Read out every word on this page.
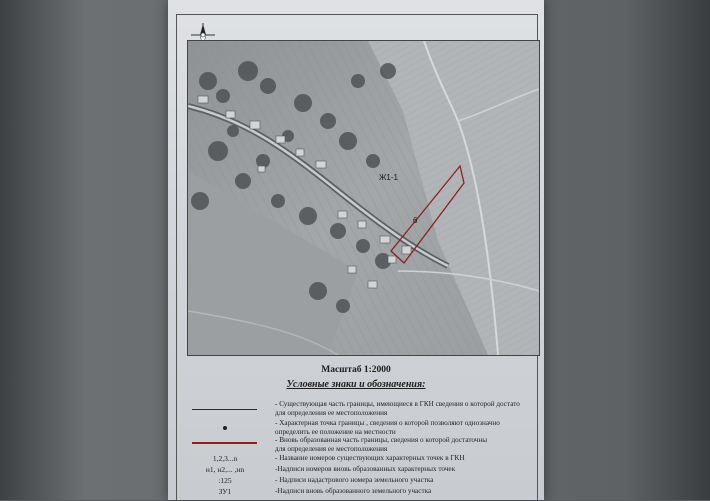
Ж1-1
6
Масштаб 1:2000
Условные знаки и обозначения:
- Существующая часть границы, имеющиеся в ГКН сведения о которой достато
для определения ее местоположения
- Характерная точка границы , сведения о которой позволяют однозначно
определить ее положение на местности
- Вновь образованная часть границы, сведения о которой достаточны
для определения ее местоположения
1,2,3...n	- Название номеров существующих характерных точек в ГКН
н1, н2,... ,нn	-Надписи номеров вновь образованных характерных точек
:125	- Надписи надастрового номера земельного участка
ЗУ1	-Надписи вновь образованного земельного участка
